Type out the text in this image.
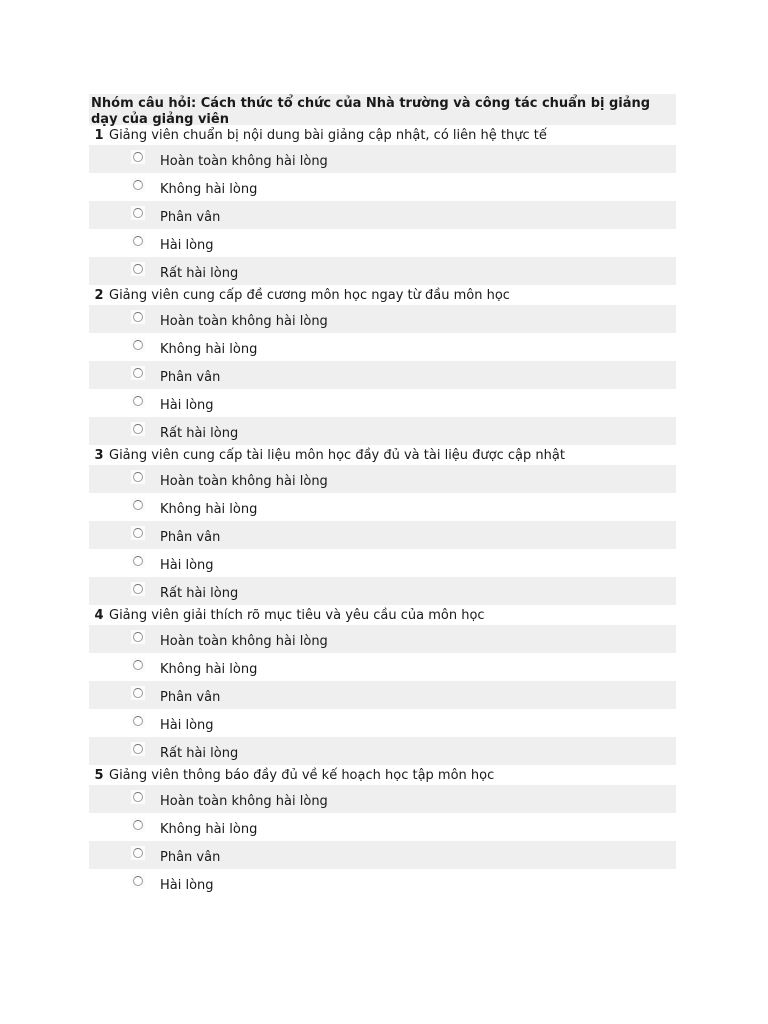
Nhóm câu hỏi: Cách thức tổ chức của Nhà trường và công tác chuẩn bị giảng dạy của giảng viên
1 Giảng viên chuẩn bị nội dung bài giảng cập nhật, có liên hệ thực tế
Hoàn toàn không hài lòng
Không hài lòng
Phân vân
Hài lòng
Rất hài lòng
2 Giảng viên cung cấp đề cương môn học ngay từ đầu môn học
Hoàn toàn không hài lòng
Không hài lòng
Phân vân
Hài lòng
Rất hài lòng
3 Giảng viên cung cấp tài liệu môn học đầy đủ và tài liệu được cập nhật
Hoàn toàn không hài lòng
Không hài lòng
Phân vân
Hài lòng
Rất hài lòng
4 Giảng viên giải thích rõ mục tiêu và yêu cầu của môn học
Hoàn toàn không hài lòng
Không hài lòng
Phân vân
Hài lòng
Rất hài lòng
5 Giảng viên thông báo đầy đủ về kế hoạch học tập môn học
Hoàn toàn không hài lòng
Không hài lòng
Phân vân
Hài lòng
